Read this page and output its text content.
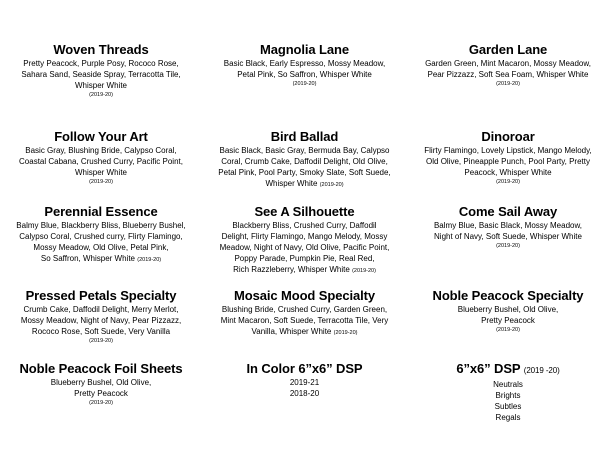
Woven Threads
Pretty Peacock, Purple Posy, Rococo Rose,
Sahara Sand, Seaside Spray, Terracotta Tile,
Whisper White

(2019-20)

Magnolia Lane
Basic Black, Early Espresso, Mossy Meadow,
Petal Pink, So Saffron, Whisper White

(2019-20)

Garden Lane
Garden Green, Mint Macaron, Mossy Meadow,
Pear Pizzazz, Soft Sea Foam, Whisper White

(2019-20)

Follow Your Art
Basic Gray, Blushing Bride, Calypso Coral,
Coastal Cabana, Crushed Curry, Pacific Point,
Whisper White

(2019-20)

Bird Ballad
Basic Black, Basic Gray, Bermuda Bay, Calypso
Coral, Crumb Cake, Daffodil Delight, Old Olive,
Petal Pink, Pool Party, Smoky Slate, Soft Suede,
Whisper White (2019-20)
Dinoroar
Flirty Flamingo, Lovely Lipstick, Mango Melody,
Old Olive, Pineapple Punch, Pool Party, Pretty
Peacock, Whisper White

(2019-20)

Perennial Essence
Balmy Blue, Blackberry Bliss, Blueberry Bushel,
Calypso Coral, Crushed curry, Flirty Flamingo,
Mossy Meadow, Old Olive, Petal Pink,
So Saffron, Whisper White (2019-20)
See A Silhouette
Blackberry Bliss, Crushed Curry, Daffodil
Delight, Flirty Flamingo, Mango Melody, Mossy
Meadow, Night of Navy, Old Olive, Pacific Point,
Poppy Parade, Pumpkin Pie, Real Red,
Rich Razzleberry, Whisper White (2019-20)
Come Sail Away
Balmy Blue, Basic Black, Mossy Meadow,
Night of Navy, Soft Suede, Whisper White

(2019-20)

Pressed Petals Specialty
Crumb Cake, Daffodil Delight, Merry Merlot,
Mossy Meadow, Night of Navy, Pear Pizzazz,
Rococo Rose, Soft Suede, Very Vanilla

(2019-20)

Mosaic Mood Specialty
Blushing Bride, Crushed Curry, Garden Green,
Mint Macaron, Soft Suede, Terracotta Tile, Very
Vanilla, Whisper White (2019-20)
Noble Peacock Specialty
Blueberry Bushel, Old Olive,
Pretty Peacock

(2019-20)

Noble Peacock Foil Sheets
Blueberry Bushel, Old Olive,
Pretty Peacock

(2019-20)

In Color 6”x6” DSP
2019-21
2018-20
6”x6” DSP (2019 -20)
Neutrals
Brights
Subtles
Regals
